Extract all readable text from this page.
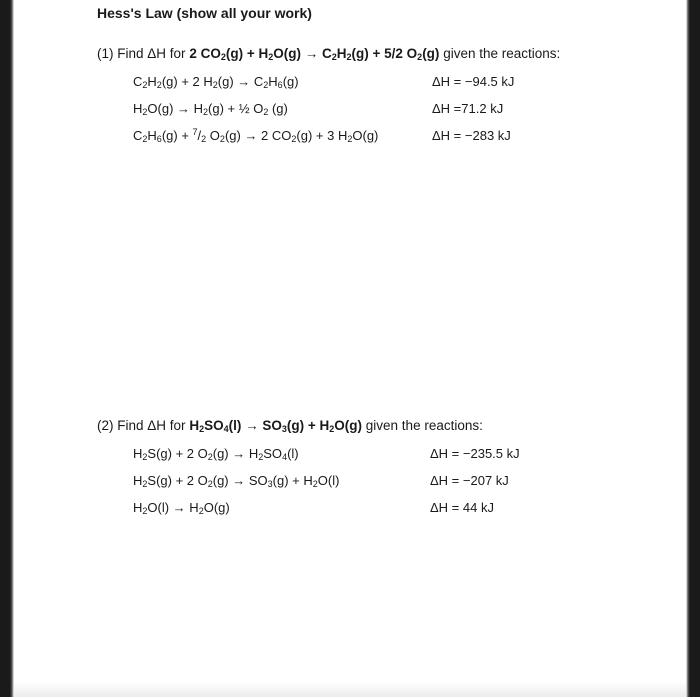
Hess's Law (show all your work)
(1) Find ΔH for 2 $CO_2(g) + H_2O(g) \to C_2H_2(g) + 5/2$ $O_2(g)$ given the reactions:
$C_2H_2(g) + 2$ $H_2(g) \to C_2H_6(g)$	ΔH = −94.5 kJ
$H_2O(g) \to H_2(g)$ + ½ $O_2$ (g)	ΔH =71.2 kJ
$C_2H_6(g) + ^7/_2$ $O_2(g) \to 2$ $CO_2(g) + 3$ $H_2O(g)$	ΔH = −283 kJ
(2) Find ΔH for $H_2SO_4(l) \to SO_3(g) + H_2O(g)$ given the reactions:
$H_2S(g) + 2$ $O_2(g) \to H_2SO_4(l)$	ΔH = −235.5 kJ
$H_2S(g) + 2$ $O_2(g) \to SO_3(g) + H_2O(l)$	ΔH = −207 kJ
$H_2O(l) \to H_2O(g)$	ΔH = 44 kJ
